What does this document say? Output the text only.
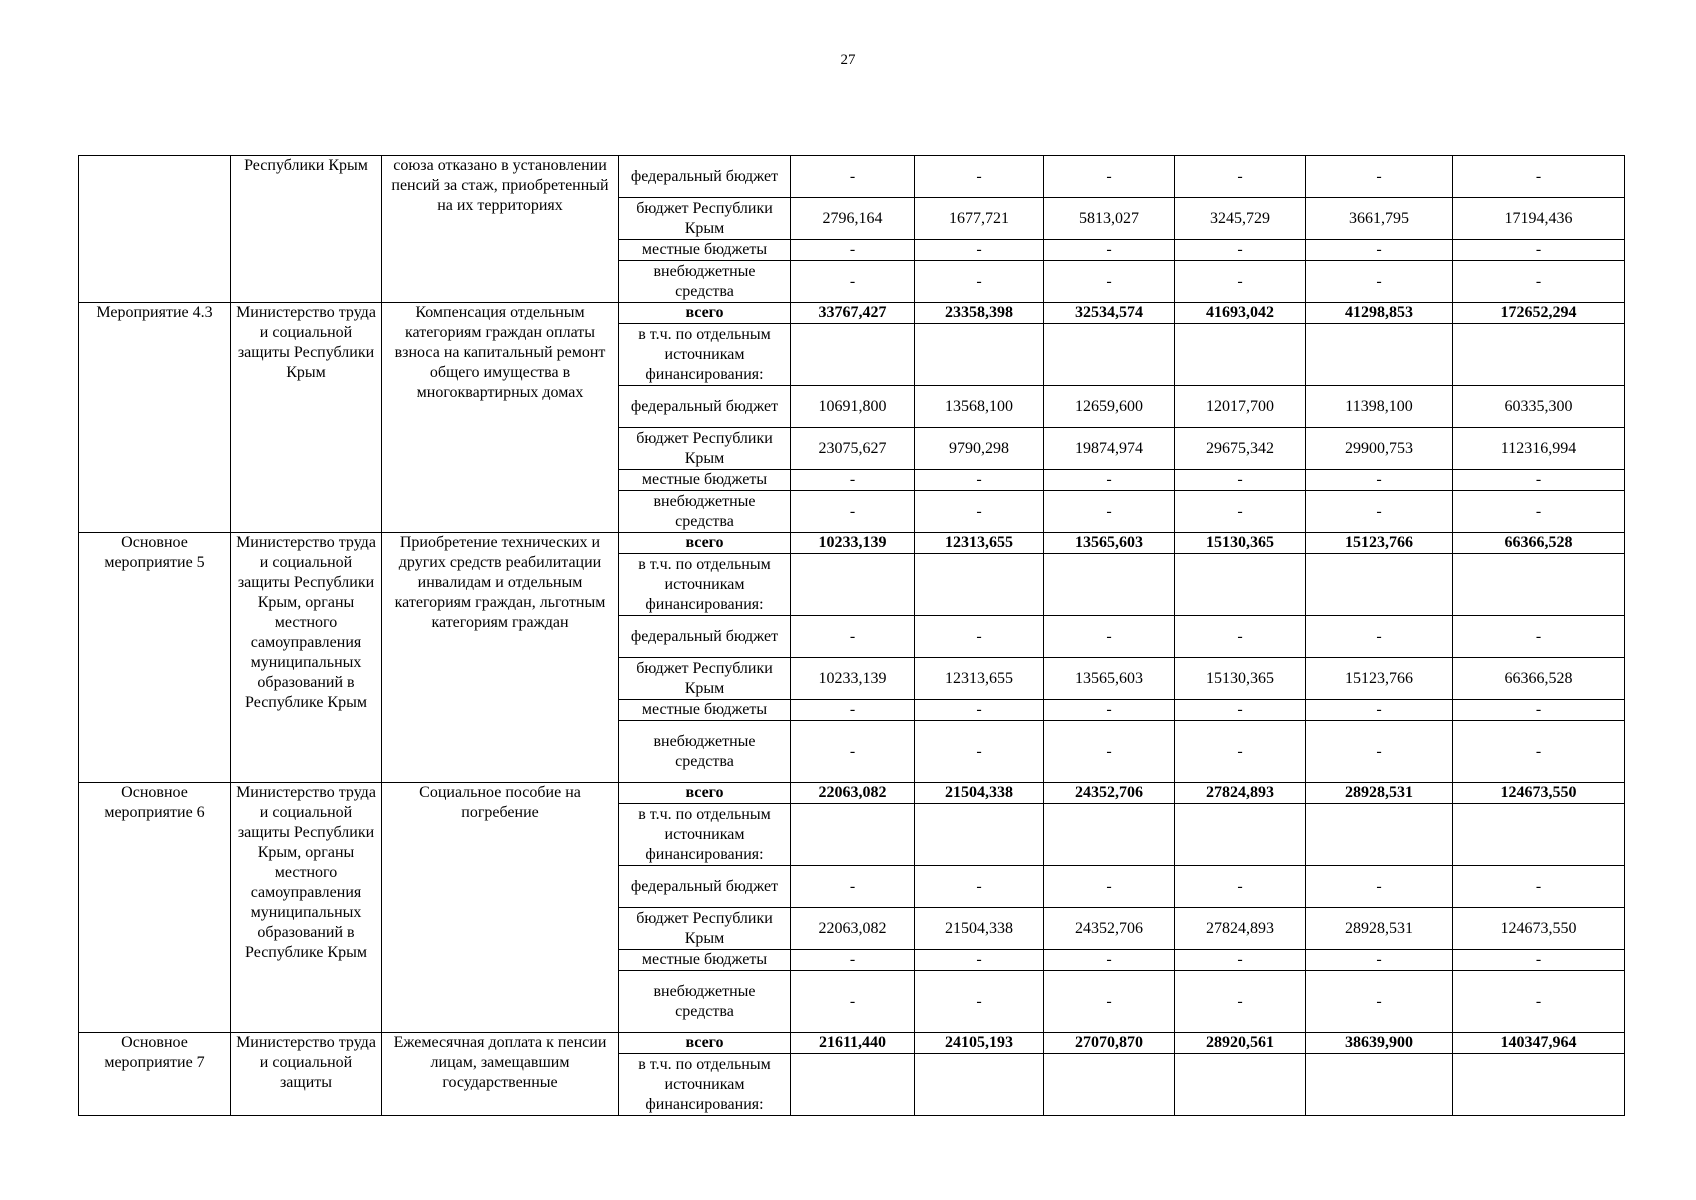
27
	Республики Крым	союза отказано в установлении пенсий за стаж, приобретенный на их территориях	федеральный бюджет	-	-	-	-	-	-
			бюджет Республики Крым	2796,164	1677,721	5813,027	3245,729	3661,795	17194,436
			местные бюджеты	-	-	-	-	-	-
			внебюджетные средства	-	-	-	-	-	-
Мероприятие 4.3	Министерство труда и социальной защиты Республики Крым	Компенсация отдельным категориям граждан оплаты взноса на капитальный ремонт общего имущества в многоквартирных домах	всего	33767,427	23358,398	32534,574	41693,042	41298,853	172652,294
			в т.ч. по отдельным источникам финансирования:						
			федеральный бюджет	10691,800	13568,100	12659,600	12017,700	11398,100	60335,300
			бюджет Республики Крым	23075,627	9790,298	19874,974	29675,342	29900,753	112316,994
			местные бюджеты	-	-	-	-	-	-
			внебюджетные средства	-	-	-	-	-	-
Основное мероприятие 5	Министерство труда и социальной защиты Республики Крым, органы местного самоуправления муниципальных образований в Республике Крым	Приобретение технических и других средств реабилитации инвалидам и отдельным категориям граждан, льготным категориям граждан	всего	10233,139	12313,655	13565,603	15130,365	15123,766	66366,528
			в т.ч. по отдельным источникам финансирования:						
			федеральный бюджет	-	-	-	-	-	-
			бюджет Республики Крым	10233,139	12313,655	13565,603	15130,365	15123,766	66366,528
			местные бюджеты	-	-	-	-	-	-
			внебюджетные средства	-	-	-	-	-	-
Основное мероприятие 6	Министерство труда и социальной защиты Республики Крым, органы местного самоуправления муниципальных образований в Республике Крым	Социальное пособие на погребение	всего	22063,082	21504,338	24352,706	27824,893	28928,531	124673,550
			в т.ч. по отдельным источникам финансирования:						
			федеральный бюджет	-	-	-	-	-	-
			бюджет Республики Крым	22063,082	21504,338	24352,706	27824,893	28928,531	124673,550
			местные бюджеты	-	-	-	-	-	-
			внебюджетные средства	-	-	-	-	-	-
Основное мероприятие 7	Министерство труда и социальной защиты	Ежемесячная доплата к пенсии лицам, замещавшим государственные	всего	21611,440	24105,193	27070,870	28920,561	38639,900	140347,964
			в т.ч. по отдельным источникам финансирования:						
